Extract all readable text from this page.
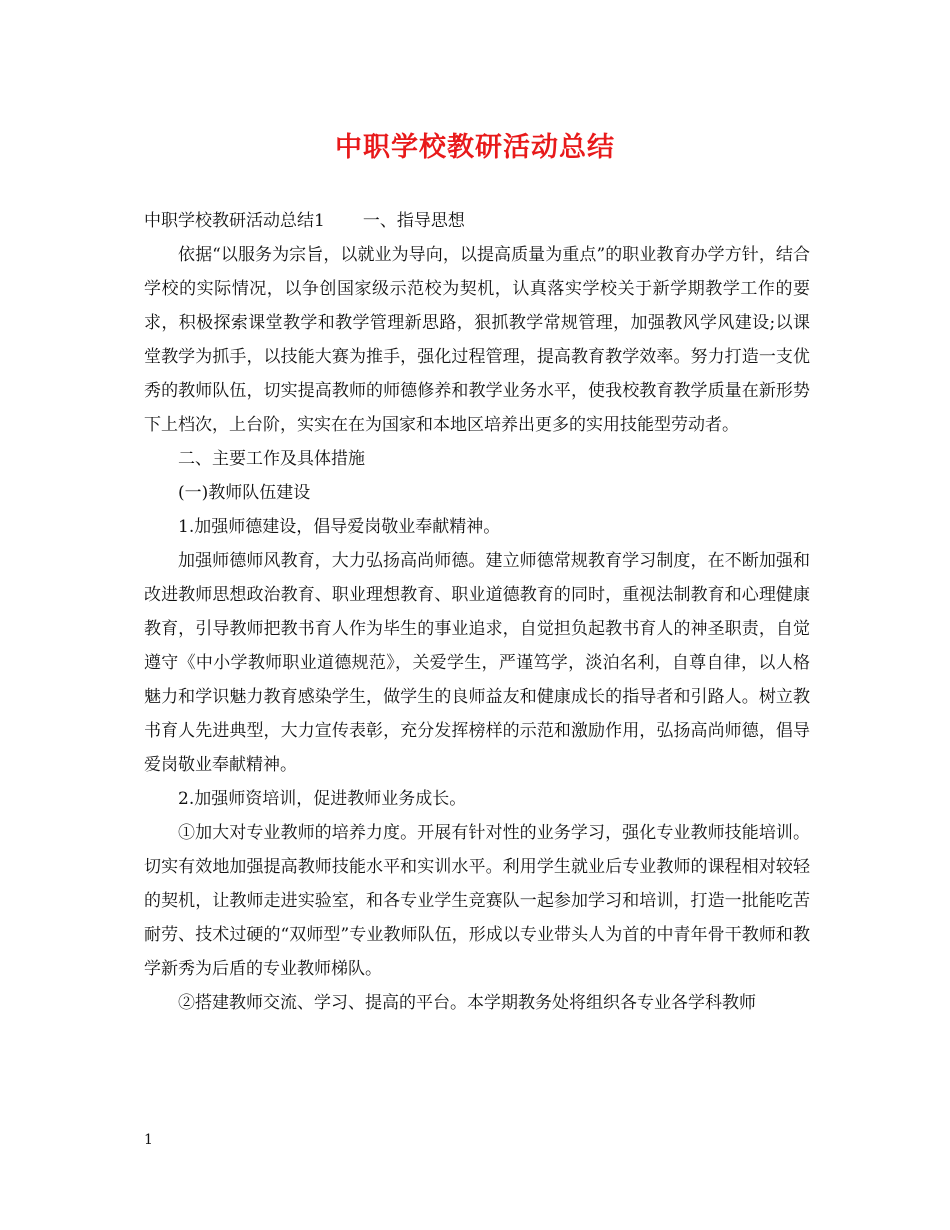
中职学校教研活动总结

中职学校教研活动总结1 一、指导思想

依据“以服务为宗旨，以就业为导向，以提高质量为重点”的职业教育办学方针，结合学校的实际情况，以争创国家级示范校为契机，认真落实学校关于新学期教学工作的要求，积极探索课堂教学和教学管理新思路，狠抓教学常规管理，加强教风学风建设;以课堂教学为抓手，以技能大赛为推手，强化过程管理，提高教育教学效率。努力打造一支优秀的教师队伍，切实提高教师的师德修养和教学业务水平，使我校教育教学质量在新形势下上档次，上台阶，实实在在为国家和本地区培养出更多的实用技能型劳动者。

二、主要工作及具体措施

(一)教师队伍建设

1.加强师德建设，倡导爱岗敬业奉献精神。

加强师德师风教育，大力弘扬高尚师德。建立师德常规教育学习制度，在不断加强和改进教师思想政治教育、职业理想教育、职业道德教育的同时，重视法制教育和心理健康教育，引导教师把教书育人作为毕生的事业追求，自觉担负起教书育人的神圣职责，自觉遵守《中小学教师职业道德规范》，关爱学生，严谨笃学，淡泊名利，自尊自律，以人格魅力和学识魅力教育感染学生，做学生的良师益友和健康成长的指导者和引路人。树立教书育人先进典型，大力宣传表彰，充分发挥榜样的示范和激励作用，弘扬高尚师德，倡导爱岗敬业奉献精神。

2.加强师资培训，促进教师业务成长。

①加大对专业教师的培养力度。开展有针对性的业务学习，强化专业教师技能培训。切实有效地加强提高教师技能水平和实训水平。利用学生就业后专业教师的课程相对较轻的契机，让教师走进实验室，和各专业学生竞赛队一起参加学习和培训，打造一批能吃苦耐劳、技术过硬的“双师型”专业教师队伍，形成以专业带头人为首的中青年骨干教师和教学新秀为后盾的专业教师梯队。

②搭建教师交流、学习、提高的平台。本学期教务处将组织各专业各学科教师

1
